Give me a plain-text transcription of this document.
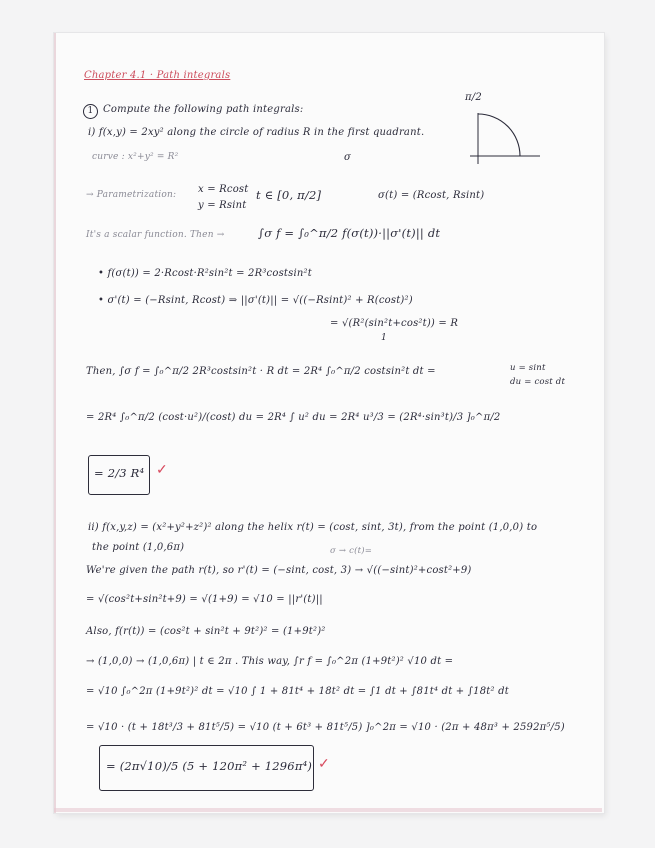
Chapter 4.1 · Path integrals
1 Compute the following path integrals:
π/2
i) f(x,y) = 2xy² along the circle of radius R in the first quadrant.
σ
curve : x²+y² = R²
→ Parametrization: x = Rcost
y = Rsint
t ∈ [0, π/2]	σ(t) = (Rcost, Rsint)
It's a scalar function. Then →	∫σ f = ∫₀^π/2 f(σ(t))·||σ'(t)|| dt
• f(σ(t)) = 2·Rcost·R²sin²t = 2R³costsin²t
• σ'(t) = (−Rsint, Rcost) ⇒ ||σ'(t)|| = √((−Rsint)² + R(cost)²)
= √(R²(sin²t+cos²t)) = R
1
Then, ∫σ f = ∫₀^π/2 2R³costsin²t · R dt = 2R⁴ ∫₀^π/2 costsin²t dt =	u = sint
du = cost dt
= 2R⁴ ∫₀^π/2 (cost·u²)/(cost) du = 2R⁴ ∫ u² du = 2R⁴ u³/3 = (2R⁴·sin³t)/3 ]₀^π/2
= 2/3 R⁴ ✓
ii) f(x,y,z) = (x²+y²+z²)² along the helix r(t) = (cost, sint, 3t), from the point (1,0,0) to
the point (1,0,6π)	σ → c(t)=
We're given the path r(t), so r'(t) = (−sint, cost, 3) → √((−sint)²+cost²+9)
= √(cos²t+sin²t+9) = √(1+9) = √10 = ||r'(t)||
Also, f(r(t)) = (cos²t + sin²t + 9t²)² = (1+9t²)²
→ (1,0,0) → (1,0,6π) | t ∈ 2π . This way, ∫r f = ∫₀^2π (1+9t²)² √10 dt =
= √10 ∫₀^2π (1+9t²)² dt = √10 ∫ 1 + 81t⁴ + 18t² dt = ∫1 dt + ∫81t⁴ dt + ∫18t² dt
= √10 · (t + 18t³/3 + 81t⁵/5) = √10 (t + 6t³ + 81t⁵/5) ]₀^2π = √10 · (2π + 48π³ + 2592π⁵/5)
= (2π√10)/5 (5 + 120π² + 1296π⁴) ✓
